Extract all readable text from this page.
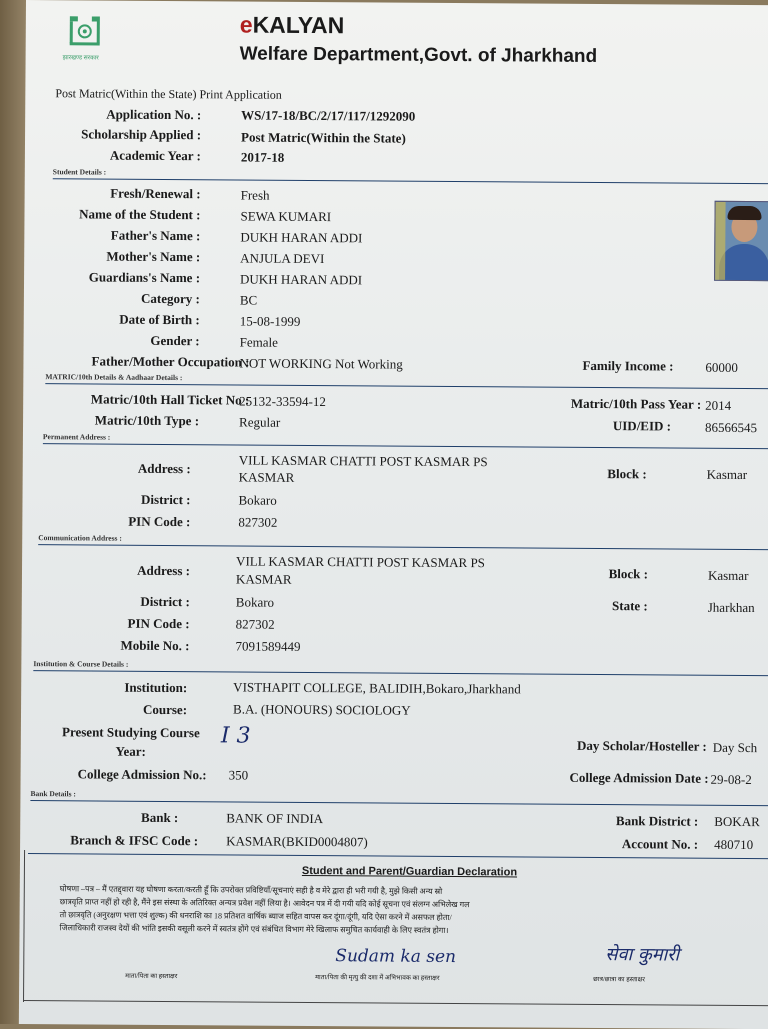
झारखण्ड सरकार
eKALYAN
Welfare Department,Govt. of Jharkhand
Post Matric(Within the State) Print Application
Application No. :	WS/17-18/BC/2/17/117/1292090
Scholarship Applied :	Post Matric(Within the State)
Academic Year :	2017-18
Student Details :
Fresh/Renewal :	Fresh
Name of the Student :	SEWA KUMARI
Father's Name :	DUKH HARAN ADDI
Mother's Name :	ANJULA DEVI
Guardians's Name :	DUKH HARAN ADDI
Category :	BC
Date of Birth :	15-08-1999
Gender :	Female
Father/Mother Occupation :
NOT WORKING Not Working	Family Income : 60000
MATRIC/10th Details & Aadhaar Details :
Matric/10th Hall Ticket No :
25132-33594-12	Matric/10th Pass Year : 2014
Matric/10th Type :	Regular	UID/EID :	86566545
Permanent Address :
Address :	VILL KASMAR CHATTI POST KASMAR PS
KASMAR	Block :	Kasmar
District :	Bokaro
PIN Code :	827302
Communication Address :
Address :
VILL KASMAR CHATTI POST KASMAR PS
KASMAR	Block :	Kasmar
District :	Bokaro	State :	Jharkhan
PIN Code :	827302
Mobile No. :	7091589449
Institution & Course Details :
Institution:	VISTHAPIT COLLEGE, BALIDIH,Bokaro,Jharkhand
Course:	B.A. (HONOURS) SOCIOLOGY
Present Studying Course
Year:
I 3	Day Scholar/Hosteller : Day Sch
College Admission No.: 350	College Admission Date : 29-08-2
Bank Details :
Bank :	BANK OF INDIA	Bank District : BOKAR
Branch & IFSC Code : KASMAR(BKID0004807)	Account No. : 480710
Student and Parent/Guardian Declaration
घोषणा –पत्र – मैं एतद्द्वारा यह घोषणा करता/करती हूँ कि उपरोक्त प्रविष्टियाँ/सूचनाएं सही है व मेरे द्वारा ही भरी गयी है, मुझे किसी अन्य स्रो
छात्रवृति प्राप्त नहीं हो रही है, मैंने इस संस्था के अतिरिक्त अन्यत्र प्रवेश नहीं लिया है। आवेदन पत्र में दी गयी यदि कोई सूचना एवं संलग्न अभिलेख गल
तो छात्रवृति (अनुरक्षण भत्ता एवं शुल्क) की धनराशि का 18 प्रतिशत वार्षिक ब्याज सहित वापस कर दूंगा/दूंगी, यदि ऐसा करने में असफल होता/
जिलाधिकारी राजस्व देयों की भांति इसकी वसूली करने में स्वतंत्र होंगे एवं संबंधित विभाग मेरे खिलाफ समुचित कार्यवाही के लिए स्वतंत्र होगा।
Sudam ka sen	सेवा कुमारी
माता/पिता का हस्ताक्षर	माता/पिता की मृत्यु की दशा में अभिभावक का हस्ताक्षर	छात्र/छात्रा का हस्ताक्षर
